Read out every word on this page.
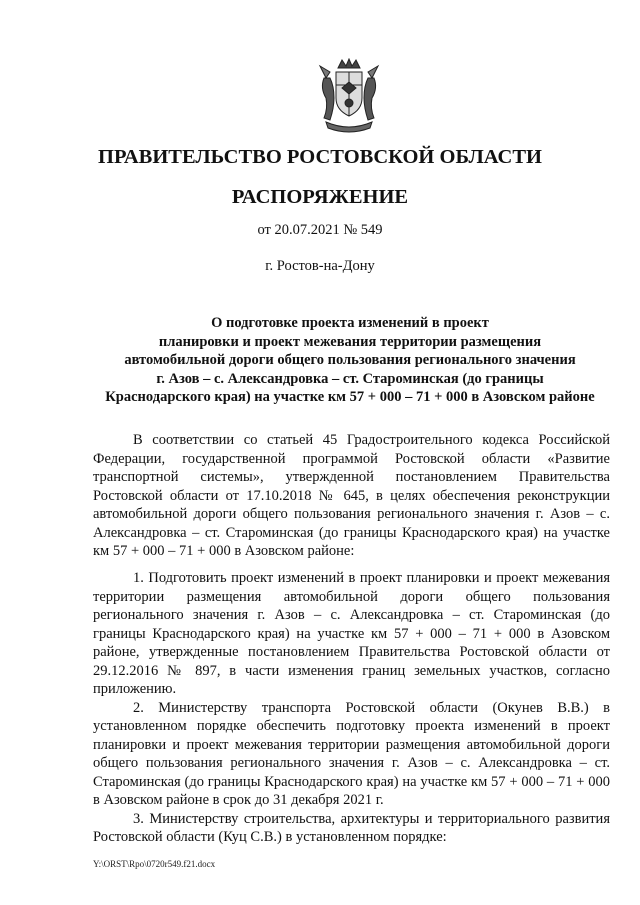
ПРАВИТЕЛЬСТВО РОСТОВСКОЙ ОБЛАСТИ

РАСПОРЯЖЕНИЕ

от 20.07.2021 № 549

г. Ростов-на-Дону

О подготовке проекта изменений в проект
планировки и проект межевания территории размещения
автомобильной дороги общего пользования регионального значения
г. Азов – с. Александровка – ст. Староминская (до границы
Краснодарского края) на участке км 57 + 000 – 71 + 000 в Азовском районе

В соответствии со статьей 45 Градостроительного кодекса Российской Федерации, государственной программой Ростовской области «Развитие транспортной системы», утвержденной постановлением Правительства Ростовской области от 17.10.2018 № 645, в целях обеспечения реконструкции автомобильной дороги общего пользования регионального значения г. Азов – с. Александровка – ст. Староминская (до границы Краснодарского края) на участке км 57 + 000 – 71 + 000 в Азовском районе:

1. Подготовить проект изменений в проект планировки и проект межевания территории размещения автомобильной дороги общего пользования регионального значения г. Азов – с. Александровка – ст. Староминская (до границы Краснодарского края) на участке км 57 + 000 – 71 + 000 в Азовском районе, утвержденные постановлением Правительства Ростовской области от 29.12.2016 № 897, в части изменения границ земельных участков, согласно приложению.

2. Министерству транспорта Ростовской области (Окунев В.В.) в установленном порядке обеспечить подготовку проекта изменений в проект планировки и проект межевания территории размещения автомобильной дороги общего пользования регионального значения г. Азов – с. Александровка – ст. Староминская (до границы Краснодарского края) на участке км 57 + 000 – 71 + 000 в Азовском районе в срок до 31 декабря 2021 г.

3. Министерству строительства, архитектуры и территориального развития Ростовской области (Куц С.В.) в установленном порядке:

Y:\ORST\Rpo\0720r549.f21.docx
